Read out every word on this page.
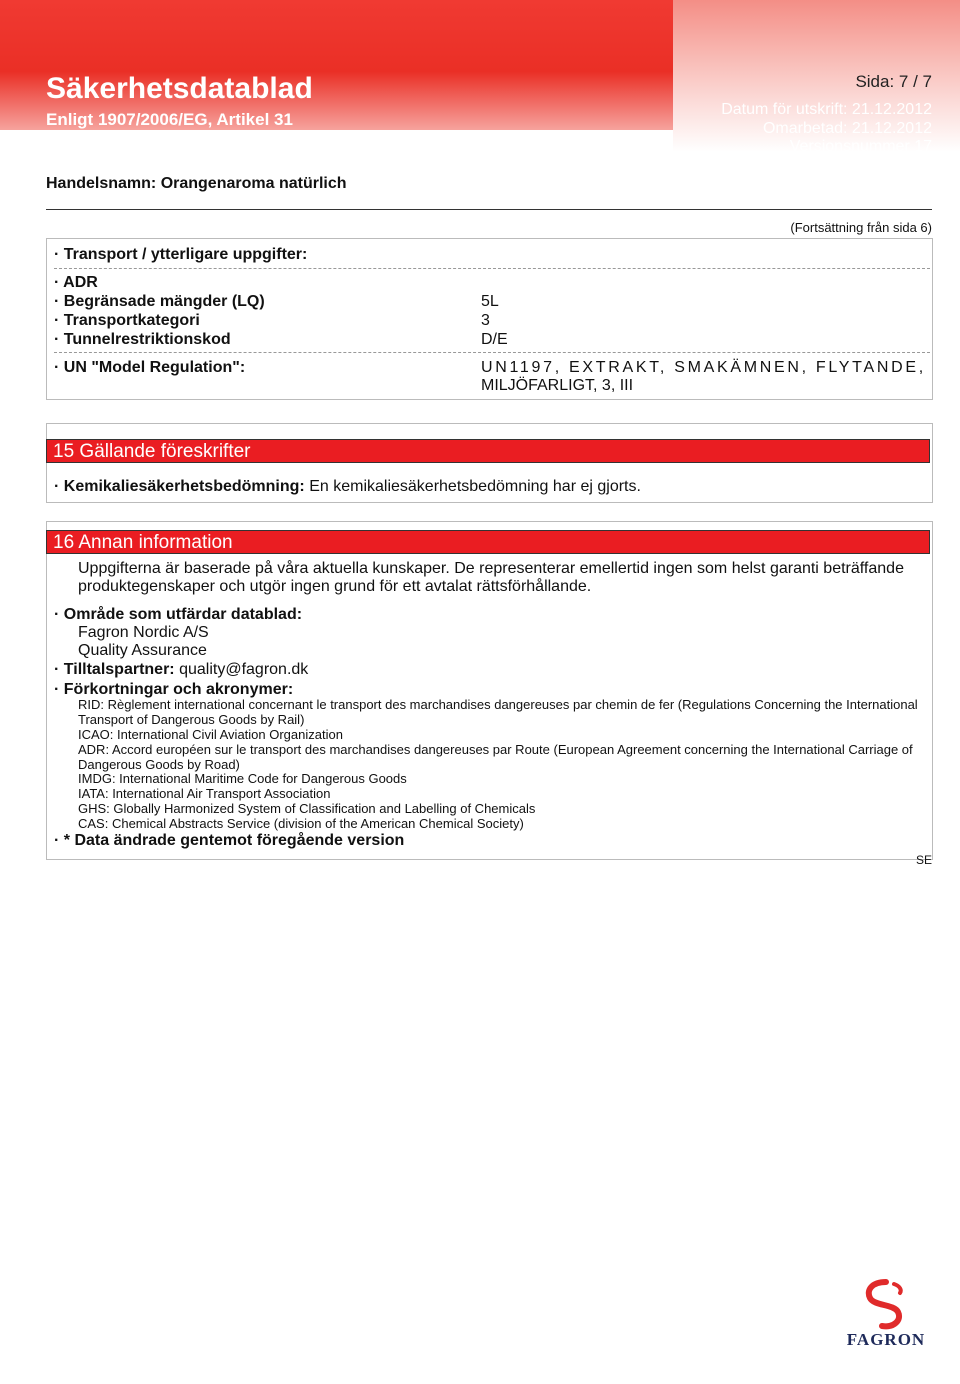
Säkerhetsdatablad
Enligt 1907/2006/EG, Artikel 31
Sida: 7 / 7
Datum för utskrift: 21.12.2012
Omarbetad: 21.12.2012
Versionsnummer 17
Handelsnamn: Orangenaroma natürlich
(Fortsättning från sida 6)
· Transport / ytterligare uppgifter:
· ADR
· Begränsade mängder (LQ)	5L
· Transportkategori	3
· Tunnelrestriktionskod	D/E
· UN "Model Regulation":	UN1197, EXTRAKT, SMAKÄMNEN, FLYTANDE,
MILJÖFARLIGT, 3, III
15 Gällande föreskrifter
· Kemikaliesäkerhetsbedömning: En kemikaliesäkerhetsbedömning har ej gjorts.
16 Annan information
Uppgifterna är baserade på våra aktuella kunskaper. De representerar emellertid ingen som helst garanti beträffande
produktegenskaper och utgör ingen grund för ett avtalat rättsförhållande.
· Område som utfärdar datablad:
Fagron Nordic A/S
Quality Assurance
· Tilltalspartner: quality@fagron.dk
· Förkortningar och akronymer:
RID: Règlement international concernant le transport des marchandises dangereuses par chemin de fer (Regulations Concerning the International
Transport of Dangerous Goods by Rail)
ICAO: International Civil Aviation Organization
ADR: Accord européen sur le transport des marchandises dangereuses par Route (European Agreement concerning the International Carriage of
Dangerous Goods by Road)
IMDG: International Maritime Code for Dangerous Goods
IATA: International Air Transport Association
GHS: Globally Harmonized System of Classification and Labelling of Chemicals
CAS: Chemical Abstracts Service (division of the American Chemical Society)
· * Data ändrade gentemot föregående version
SE
FAGRON
